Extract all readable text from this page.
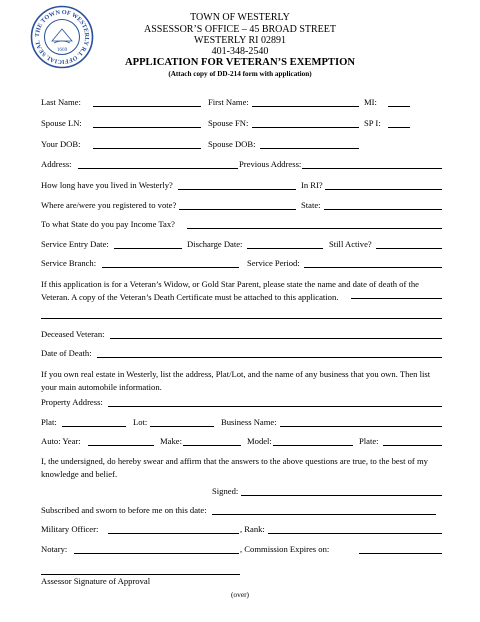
THE TOWN OF WESTERLY R.I. OFFICIAL SEAL
1669
TOWN OF WESTERLY
ASSESSOR’S OFFICE – 45 BROAD STREET
WESTERLY RI 02891
401-348-2540
APPLICATION FOR VETERAN’S EXEMPTION
(Attach copy of DD-214 form with application)
Last Name:	First Name:	MI:
Spouse LN:	Spouse FN:	SP I:
Your DOB:	Spouse DOB:
Address:	Previous Address:
How long have you lived in Westerly?	In RI?
Where are/were you registered to vote?	State:
To what State do you pay Income Tax?
Service Entry Date:	Discharge Date:	Still Active?
Service Branch:	Service Period:
If this application is for a Veteran’s Widow, or Gold Star Parent, please state the name and date of death of the Veteran. A copy of the Veteran’s Death Certificate must be attached to this application.
Deceased Veteran:
Date of Death:
If you own real estate in Westerly, list the address, Plat/Lot, and the name of any business that you own. Then list your main automobile information.
Property Address:
Plat:	Lot:	Business Name:
Auto: Year:	Make:	Model:	Plate:
I, the undersigned, do hereby swear and affirm that the answers to the above questions are true, to the best of my knowledge and belief.
Signed:
Subscribed and sworn to before me on this date:
Military Officer:	, Rank:
Notary:	, Commission Expires on:
Assessor Signature of Approval
(over)
